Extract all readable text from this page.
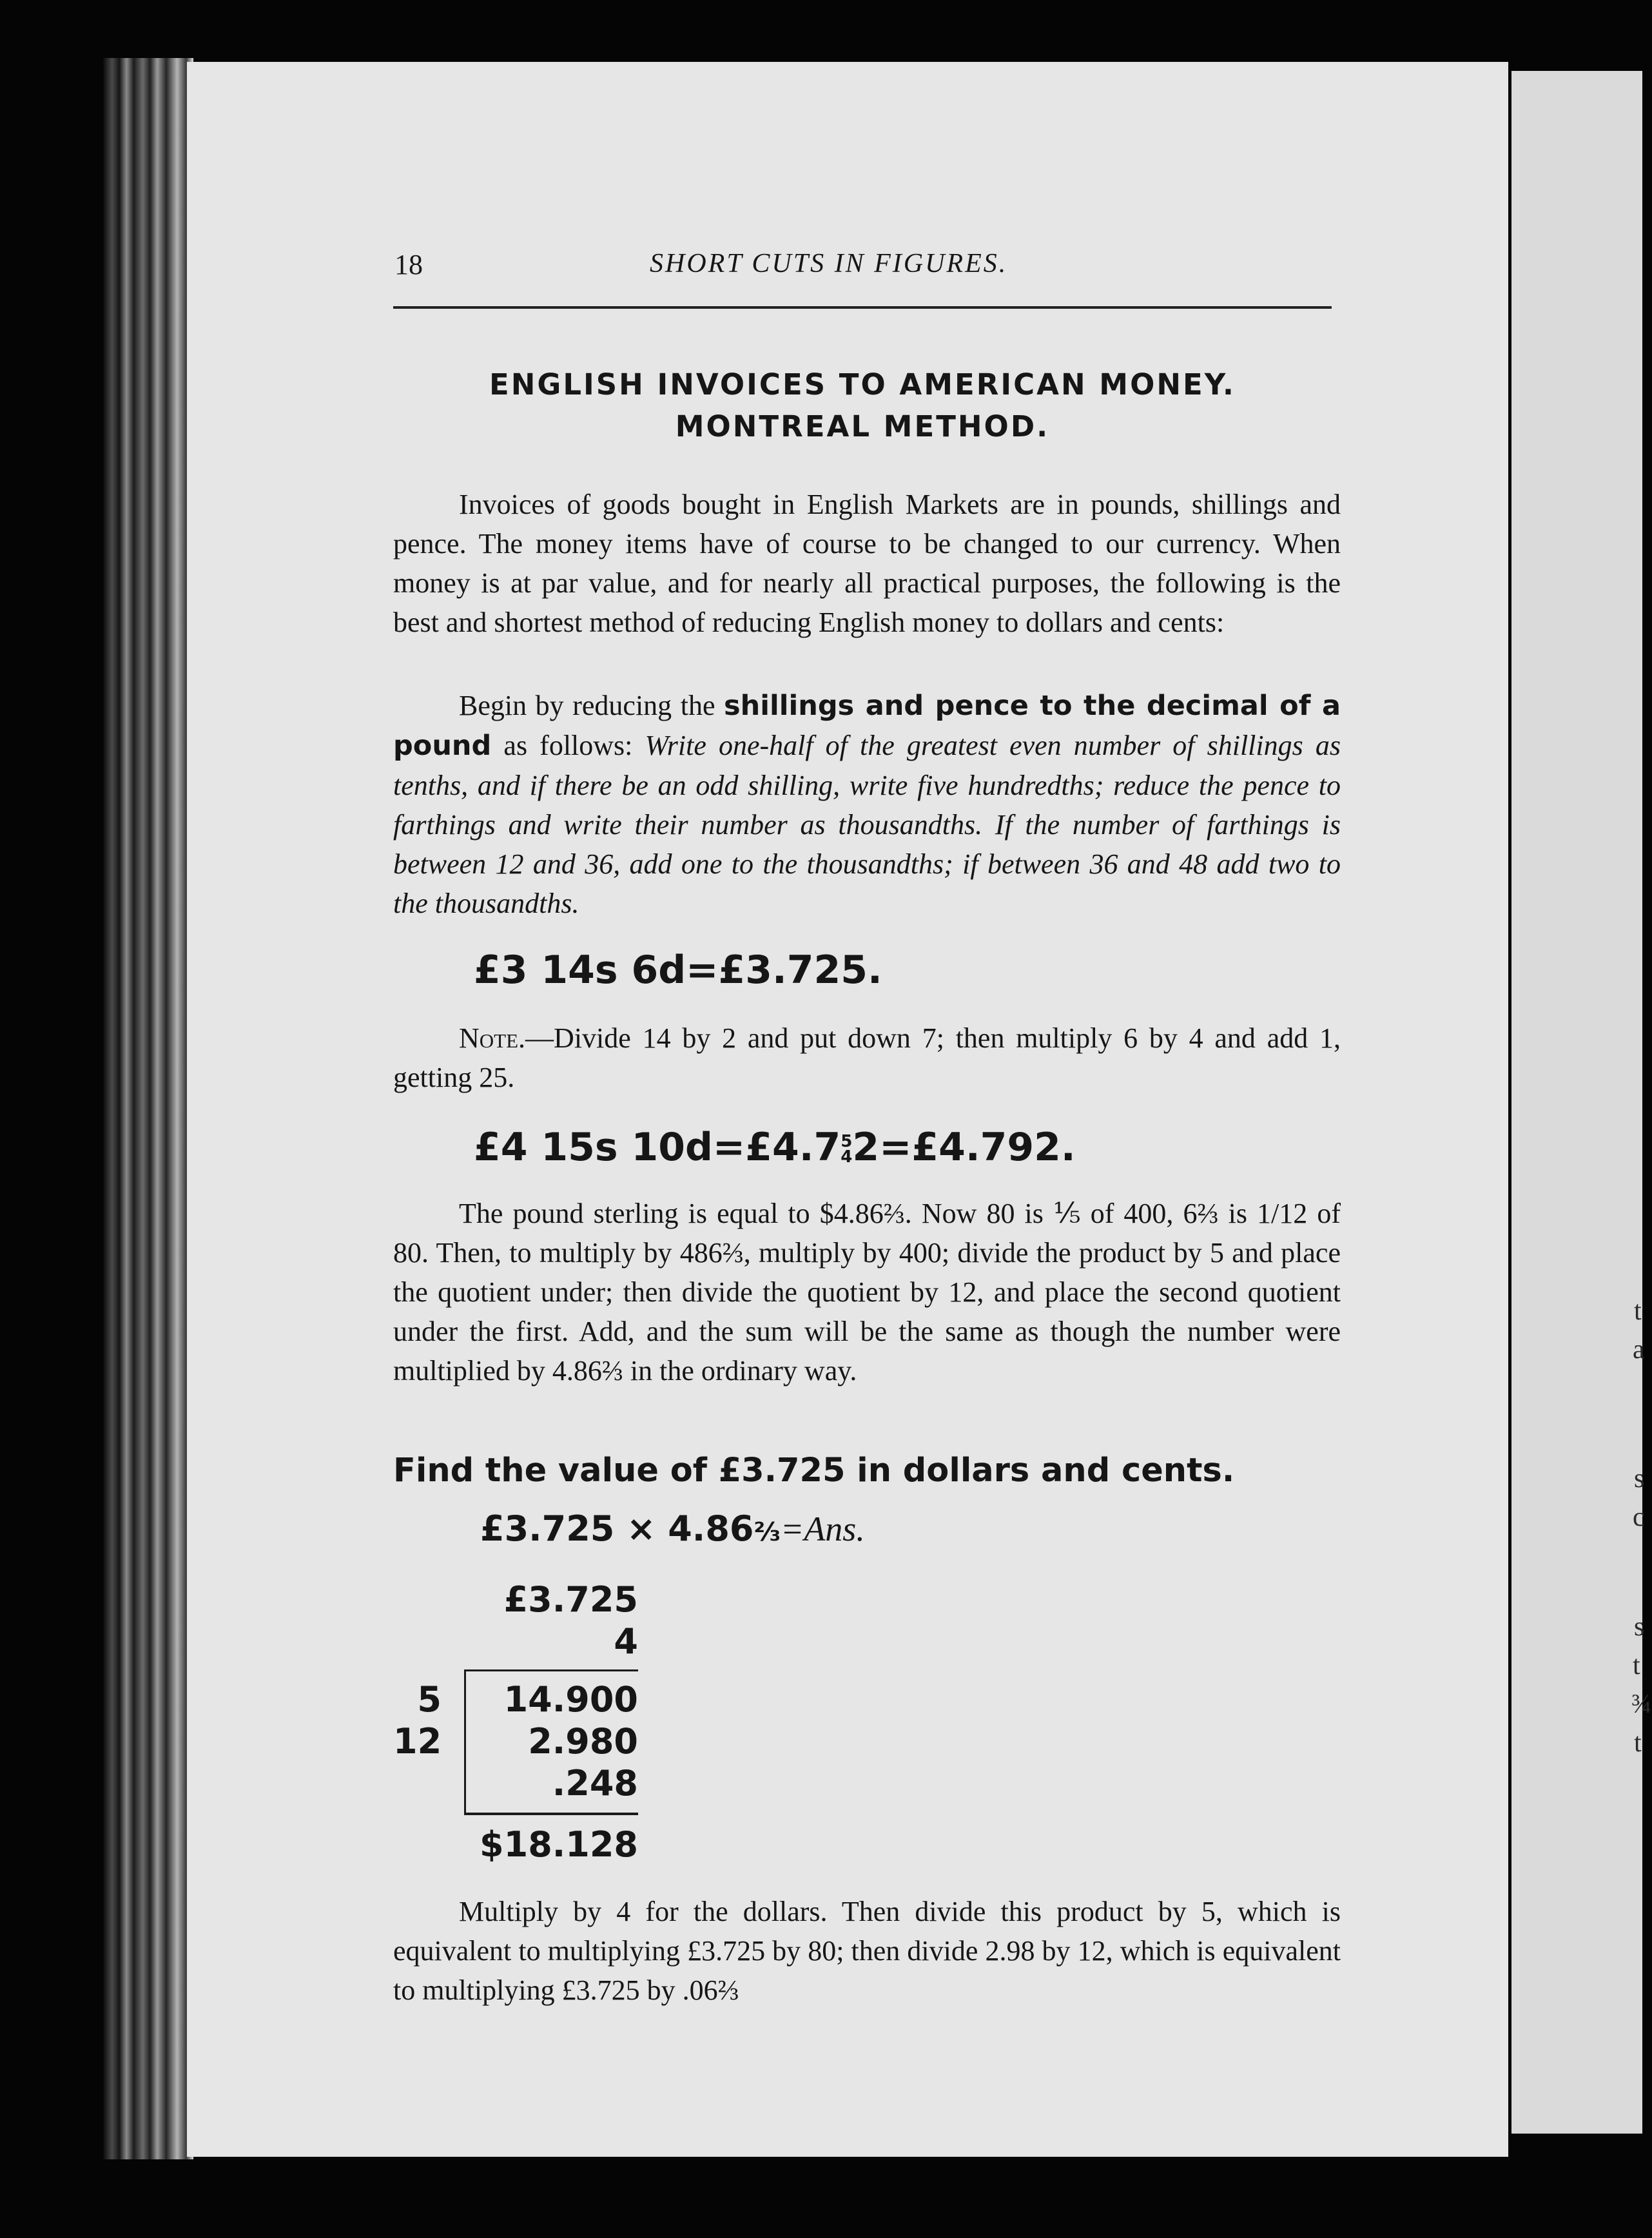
t
a
s
c
s
t
¾
t
18	SHORT CUTS IN FIGURES.
ENGLISH INVOICES TO AMERICAN MONEY.
MONTREAL METHOD.

Invoices of goods bought in English Markets are in pounds, shillings and pence. The money items have of course to be changed to our currency. When money is at par value, and for nearly all practical purposes, the following is the best and shortest method of reducing English money to dollars and cents:

Begin by reducing the shillings and pence to the decimal of a pound as follows: Write one-half of the greatest even number of shillings as tenths, and if there be an odd shilling, write five hundredths; reduce the pence to farthings and write their number as thousandths. If the number of farthings is between 12 and 36, add one to the thousandths; if between 36 and 48 add two to the thousandths.

£3 14s 6d=£3.725.

Note.—Divide 14 by 2 and put down 7; then multiply 6 by 4 and add 1, getting 25.

£4 15s 10d=£4.7 5
4 2=£4.792.

The pound sterling is equal to $4.86⅔. Now 80 is ⅕ of 400, 6⅔ is 1/12 of 80. Then, to multiply by 486⅔, multiply by 400; divide the product by 5 and place the quotient under; then divide the quotient by 12, and place the second quotient under the first. Add, and the sum will be the same as though the number were multiplied by 4.86⅔ in the ordinary way.

Find the value of £3.725 in dollars and cents.
£3.725 × 4.86⅔=Ans.
£3.725
4
5
12
14.900
2.980
.248
$18.128

Multiply by 4 for the dollars. Then divide this product by 5, which is equivalent to multiplying £3.725 by 80; then divide 2.98 by 12, which is equivalent to multiplying £3.725 by .06⅔
